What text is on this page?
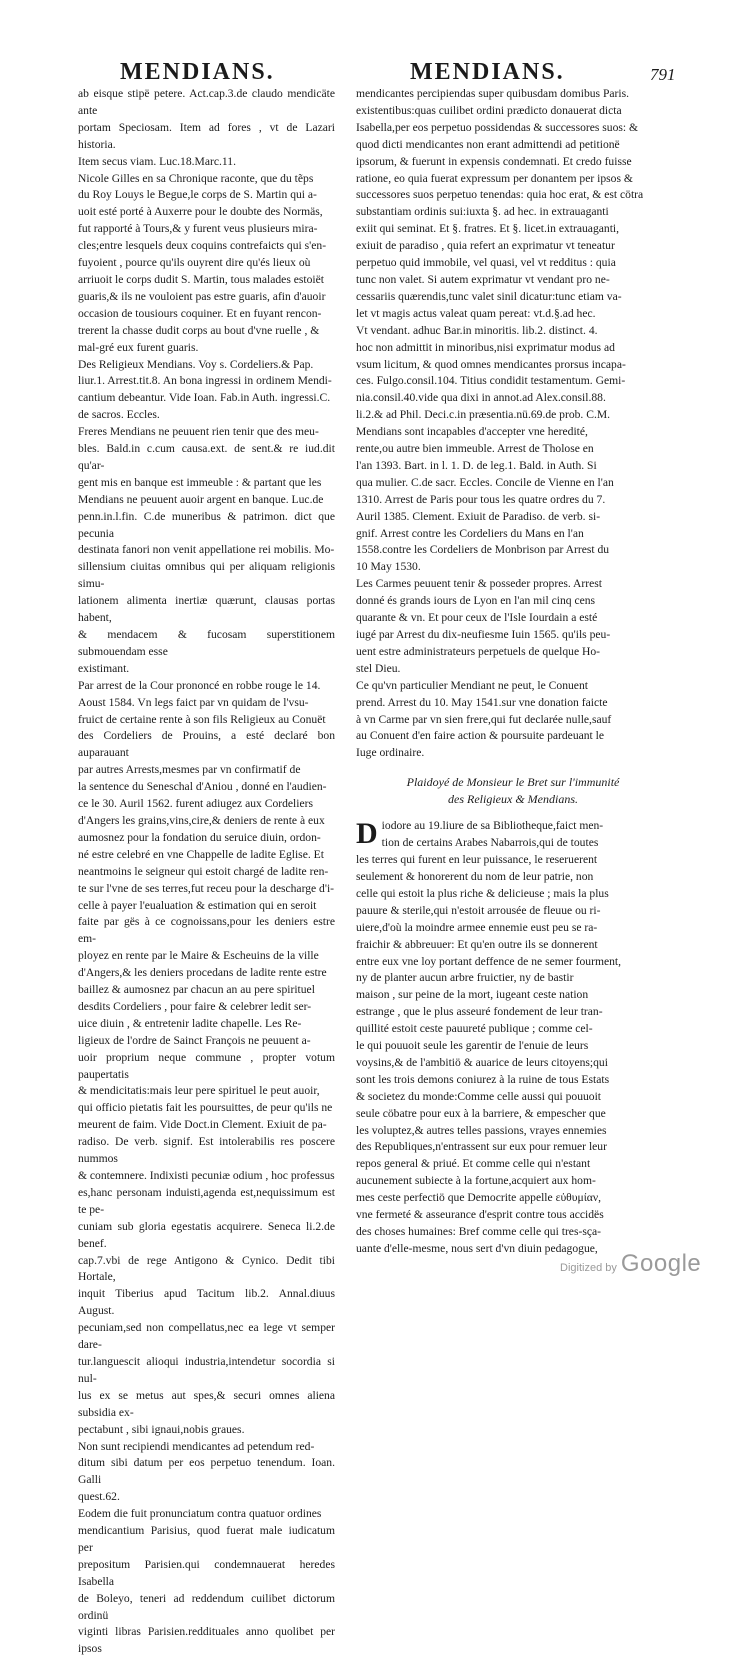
MENDIANS.	MENDIANS.	791

ab eisque stipë petere. Act.cap.3.de claudo mendicäte ante

portam Speciosam. Item ad fores , vt de Lazari historia.

Item secus viam. Luc.18.Marc.11.

Nicole Gilles en sa Chronique raconte, que du tẽps

du Roy Louys le Begue,le corps de S. Martin qui a-

uoit esté porté à Auxerre pour le doubte des Normäs,

fut rapporté à Tours,& y furent veus plusieurs mira-

cles;entre lesquels deux coquins contrefaicts qui s'en-

fuyoient , pource qu'ils ouyrent dire qu'és lieux où

arriuoit le corps dudit S. Martin, tous malades estoiët

guaris,& ils ne vouloient pas estre guaris, afin d'auoir

occasion de tousiours coquiner. Et en fuyant rencon-

trerent la chasse dudit corps au bout d'vne ruelle , &

mal-gré eux furent guaris.

Des Religieux Mendians. Voy s. Cordeliers.& Pap.

liur.1. Arrest.tit.8. An bona ingressi in ordinem Mendi-

cantium debeantur. Vide Ioan. Fab.in Auth. ingressi.C.

de sacros. Eccles.

Freres Mendians ne peuuent rien tenir que des meu-

bles. Bald.in c.cum causa.ext. de sent.& re iud.dit qu'ar-

gent mis en banque est immeuble : & partant que les

Mendians ne peuuent auoir argent en banque. Luc.de

penn.in.l.fin. C.de muneribus & patrimon. dict que pecunia

destinata fanori non venit appellatione rei mobilis. Mo-

sillensium ciuitas omnibus qui per aliquam religionis simu-

lationem alimenta inertiæ quærunt, clausas portas habent,

& mendacem & fucosam superstitionem submouendam esse

existimant.

Par arrest de la Cour prononcé en robbe rouge le 14.

Aoust 1584. Vn legs faict par vn quidam de l'vsu-

fruict de certaine rente à son fils Religieux au Conuët

des Cordeliers de Prouins, a esté declaré bon auparauant

par autres Arrests,mesmes par vn confirmatif de

la sentence du Seneschal d'Aniou , donné en l'audien-

ce le 30. Auril 1562. furent adiugez aux Cordeliers

d'Angers les grains,vins,cire,& deniers de rente à eux

aumosnez pour la fondation du seruice diuin, ordon-

né estre celebré en vne Chappelle de ladite Eglise. Et

neantmoins le seigneur qui estoit chargé de ladite ren-

te sur l'vne de ses terres,fut receu pour la descharge d'i-

celle à payer l'eualuation & estimation qui en seroit

faite par gës à ce cognoissans,pour les deniers estre em-

ployez en rente par le Maire & Escheuins de la ville

d'Angers,& les deniers procedans de ladite rente estre

baillez & aumosnez par chacun an au pere spirituel

desdits Cordeliers , pour faire & celebrer ledit ser-

uice diuin , & entretenir ladite chapelle. Les Re-

ligieux de l'ordre de Sainct François ne peuuent a-

uoir proprium neque commune , propter votum paupertatis

& mendicitatis:mais leur pere spirituel le peut auoir,

qui officio pietatis fait les poursuittes, de peur qu'ils ne

meurent de faim. Vide Doct.in Clement. Exiuit de pa-

radiso. De verb. signif. Est intolerabilis res poscere nummos

& contemnere. Indixisti pecuniæ odium , hoc professus

es,hanc personam induisti,agenda est,nequissimum est te pe-

cuniam sub gloria egestatis acquirere. Seneca li.2.de benef.

cap.7.vbi de rege Antigono & Cynico. Dedit tibi Hortale,

inquit Tiberius apud Tacitum lib.2. Annal.diuus August.

pecuniam,sed non compellatus,nec ea lege vt semper dare-

tur.languescit alioqui industria,intendetur socordia si nul-

lus ex se metus aut spes,& securi omnes aliena subsidia ex-

pectabunt , sibi ignaui,nobis graues.

Non sunt recipiendi mendicantes ad petendum red-

ditum sibi datum per eos perpetuo tenendum. Ioan. Galli

quest.62.

Eodem die fuit pronunciatum contra quatuor ordines

mendicantium Parisius, quod fuerat male iudicatum per

prepositum Parisien.qui condemnauerat heredes Isabella

de Boleyo, teneri ad reddendum cuilibet dictorum ordinü

viginti libras Parisien.reddituales anno quolibet per ipsos

mendicantes percipiendas super quibusdam domibus Paris.

existentibus:quas cuilibet ordini prædicto donauerat dicta

Isabella,per eos perpetuo possidendas & successores suos: &

quod dicti mendicantes non erant admittendi ad petitionë

ipsorum, & fuerunt in expensis condemnati. Et credo fuisse

ratione, eo quia fuerat expressum per donantem per ipsos &

successores suos perpetuo tenendas: quia hoc erat, & est cötra

substantiam ordinis sui:iuxta §. ad hec. in extrauaganti

exiit qui seminat. Et §. fratres. Et §. licet.in extrauaganti,

exiuit de paradiso , quia refert an exprimatur vt teneatur

perpetuo quid immobile, vel quasi, vel vt redditus : quia

tunc non valet. Si autem exprimatur vt vendant pro ne-

cessariis quærendis,tunc valet sinil dicatur:tunc etiam va-

let vt magis actus valeat quam pereat: vt.d.§.ad hec.

Vt vendant. adhuc Bar.in minoritis. lib.2. distinct. 4.

hoc non admittit in minoribus,nisi exprimatur modus ad

vsum licitum, & quod omnes mendicantes prorsus incapa-

ces. Fulgo.consil.104. Titius condidit testamentum. Gemi-

nia.consil.40.vide qua dixi in annot.ad Alex.consil.88.

li.2.& ad Phil. Deci.c.in præsentia.nü.69.de prob. C.M.

Mendians sont incapables d'accepter vne heredité,

rente,ou autre bien immeuble. Arrest de Tholose en

l'an 1393. Bart. in l. 1. D. de leg.1. Bald. in Auth. Si

qua mulier. C.de sacr. Eccles. Concile de Vienne en l'an

1310. Arrest de Paris pour tous les quatre ordres du 7.

Auril 1385. Clement. Exiuit de Paradiso. de verb. si-

gnif. Arrest contre les Cordeliers du Mans en l'an

1558.contre les Cordeliers de Monbrison par Arrest du

10 May 1530.

Les Carmes peuuent tenir & posseder propres. Arrest

donné és grands iours de Lyon en l'an mil cinq cens

quarante & vn. Et pour ceux de l'Isle Iourdain a esté

iugé par Arrest du dix-neufiesme Iuin 1565. qu'ils peu-

uent estre administrateurs perpetuels de quelque Ho-

stel Dieu.

Ce qu'vn particulier Mendiant ne peut, le Conuent

prend. Arrest du 10. May 1541.sur vne donation faicte

à vn Carme par vn sien frere,qui fut declarée nulle,sauf

au Conuent d'en faire action & poursuite pardeuant le

Iuge ordinaire.

Plaidoyé de Monsieur le Bret sur l'immunité
des Religieux & Mendians.
D iodore au 19.liure de sa Bibliotheque,faict men-

tion de certains Arabes Nabarrois,qui de toutes

les terres qui furent en leur puissance, le reseruerent

seulement & honorerent du nom de leur patrie, non

celle qui estoit la plus riche & delicieuse ; mais la plus

pauure & sterile,qui n'estoit arrousée de fleuue ou ri-

uiere,d'où la moindre armee ennemie eust peu se ra-

fraichir & abbreuuer: Et qu'en outre ils se donnerent

entre eux vne loy portant deffence de ne semer fourment,

ny de planter aucun arbre fruictier, ny de bastir

maison , sur peine de la mort, iugeant ceste nation

estrange , que le plus asseuré fondement de leur tran-

quillité estoit ceste pauureté publique ; comme cel-

le qui pouuoit seule les garentir de l'enuie de leurs

voysins,& de l'ambitiö & auarice de leurs citoyens;qui

sont les trois demons coniurez à la ruine de tous Estats

& societez du monde:Comme celle aussi qui pouuoit

seule cöbatre pour eux à la barriere, & empescher que

les voluptez,& autres telles passions, vrayes ennemies

des Republiques,n'entrassent sur eux pour remuer leur

repos general & priué. Et comme celle qui n'estant

aucunement subiecte à la fortune,acquiert aux hom-

mes ceste perfectiö que Democrite appelle εὐθυμίαν,

vne fermeté & asseurance d'esprit contre tous accidës

des choses humaines: Bref comme celle qui tres-sça-

uante d'elle-mesme, nous sert d'vn diuin pedagogue,

Digitized by Google
